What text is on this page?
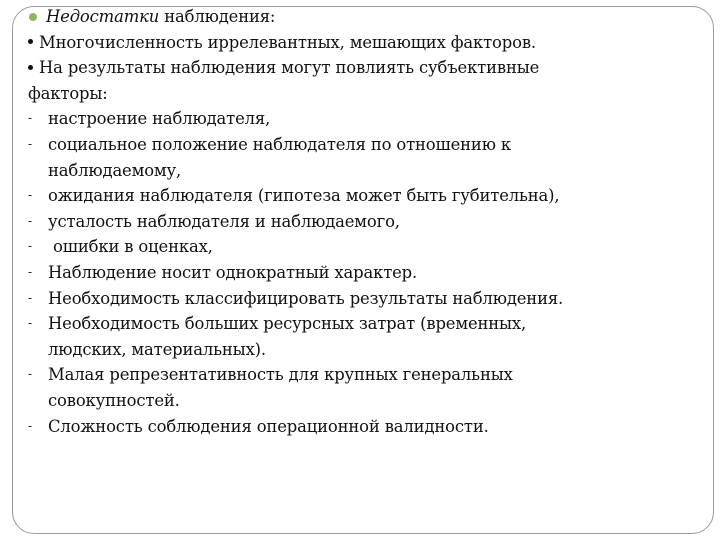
Недостатки наблюдения:
Многочисленность иррелевантных, мешающих факторов.
На результаты наблюдения могут повлиять субъективные
факторы:
- настроение наблюдателя,
- социальное положение наблюдателя по отношению к
наблюдаемому,
- ожидания наблюдателя (гипотеза может быть губительна),
- усталость наблюдателя и наблюдаемого,
- ошибки в оценках,
- Наблюдение носит однократный характер.
- Необходимость классифицировать результаты наблюдения.
- Необходимость больших ресурсных затрат (временных,
людских, материальных).
- Малая репрезентативность для крупных генеральных
совокупностей.
- Сложность соблюдения операционной валидности.
